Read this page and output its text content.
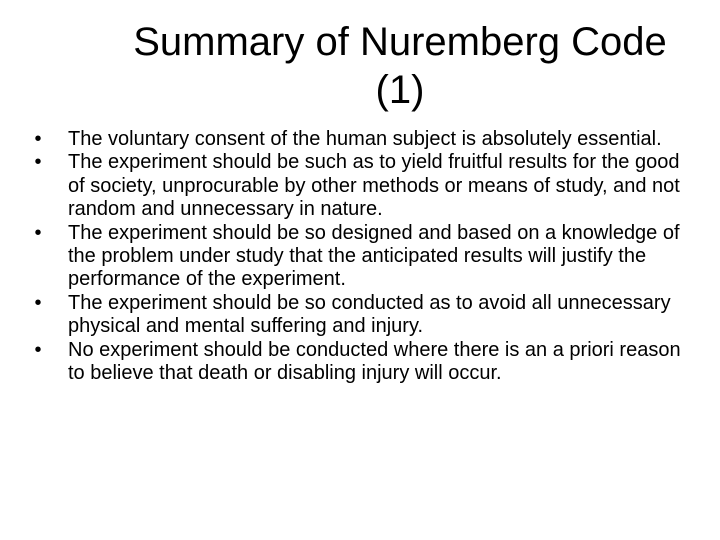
Summary of Nuremberg Code
(1)
•	The voluntary consent of the human subject is absolutely essential.
•	The experiment should be such as to yield fruitful results for the good of society, unprocurable by other methods or means of study, and not random and unnecessary in nature.
•	The experiment should be so designed and based on a knowledge of the problem under study that the anticipated results will justify the performance of the experiment.
•	The experiment should be so conducted as to avoid all unnecessary physical and mental suffering and injury.
•	No experiment should be conducted where there is an a priori reason to believe that death or disabling injury will occur.
